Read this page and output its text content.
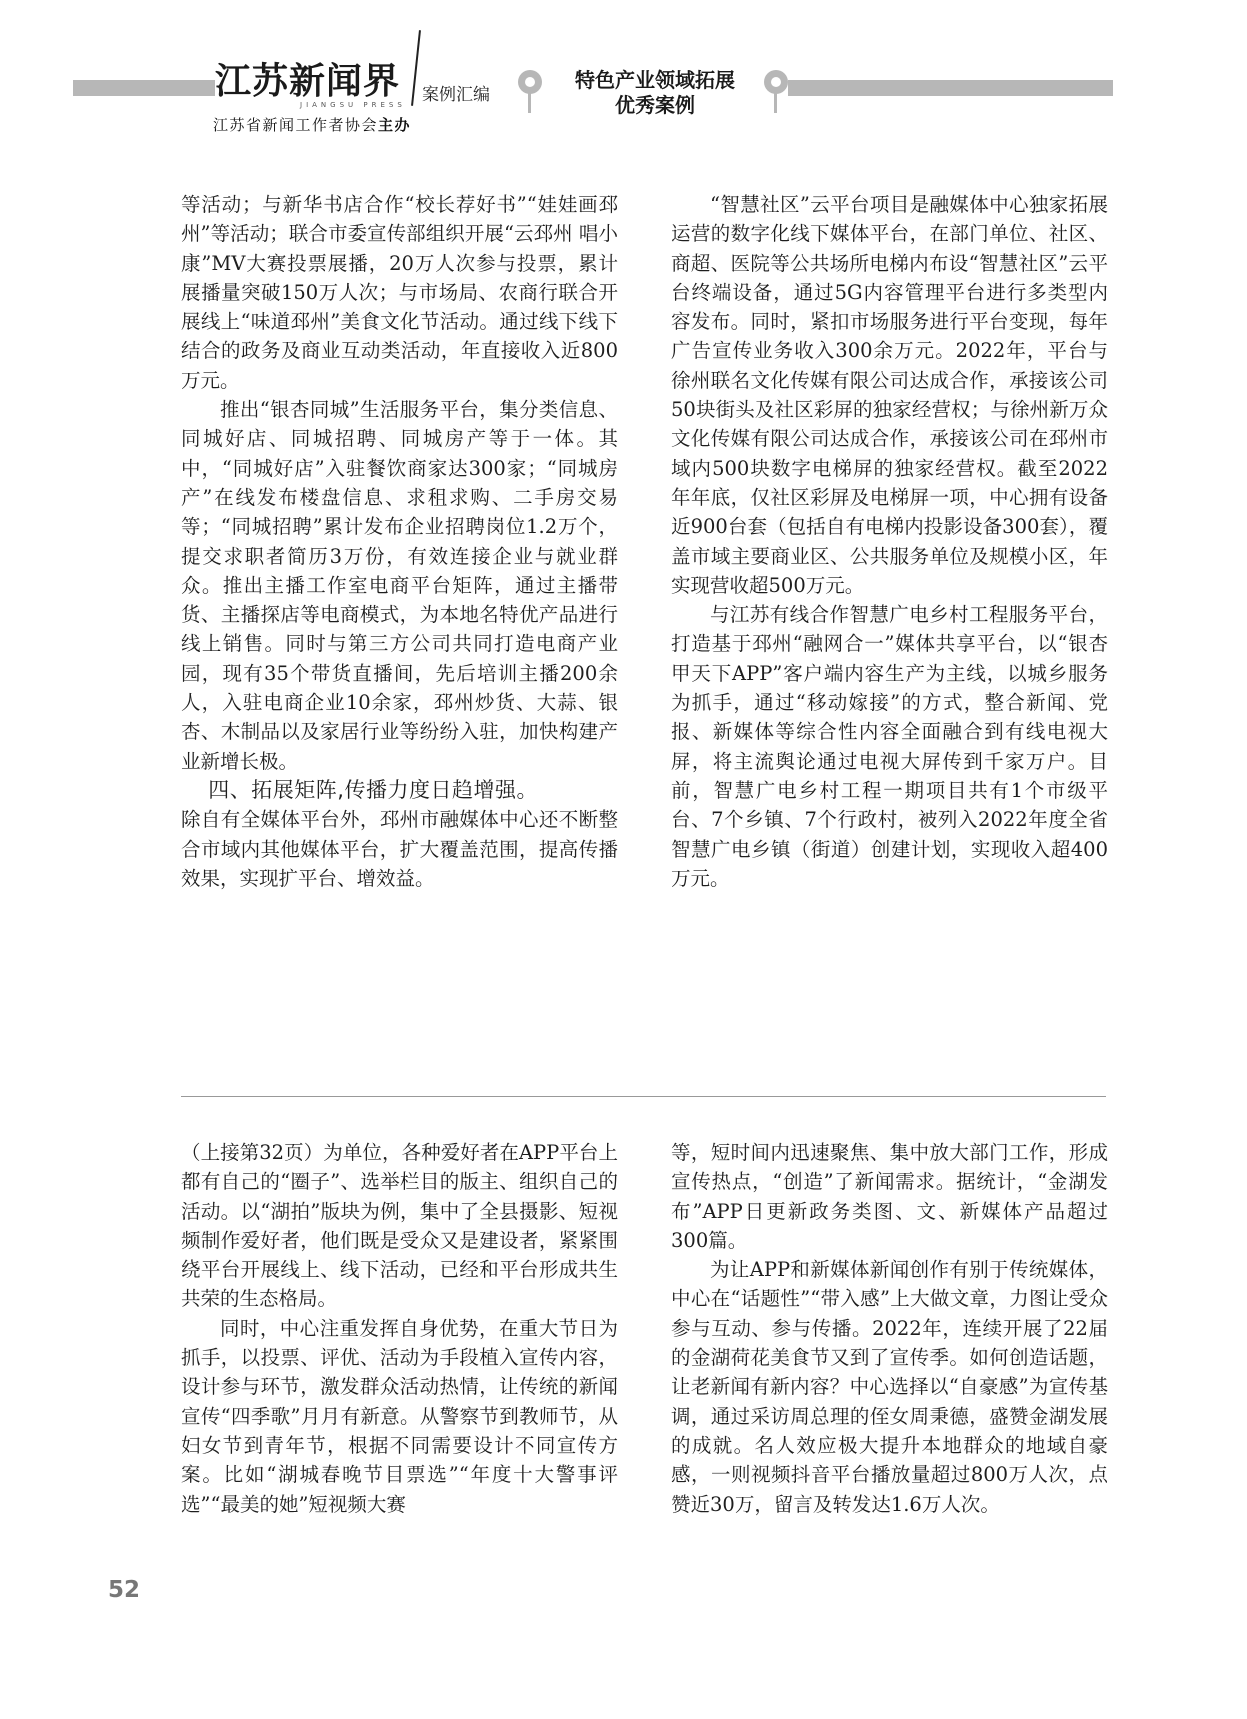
江苏新闻界
JIANGSU PRESS 案例汇编
江苏省新闻工作者协会主办
特色产业领域拓展
优秀案例

等活动；与新华书店合作“校长荐好书”“娃娃画邳州”等活动；联合市委宣传部组织开展“云邳州 唱小康”MV大赛投票展播，20万人次参与投票，累计展播量突破150万人次；与市场局、农商行联合开展线上“味道邳州”美食文化节活动。通过线下线下结合的政务及商业互动类活动，年直接收入近800万元。

推出“银杏同城”生活服务平台，集分类信息、同城好店、同城招聘、同城房产等于一体。其中，“同城好店”入驻餐饮商家达300家；“同城房产”在线发布楼盘信息、求租求购、二手房交易等；“同城招聘”累计发布企业招聘岗位1.2万个，提交求职者简历3万份，有效连接企业与就业群众。推出主播工作室电商平台矩阵，通过主播带货、主播探店等电商模式，为本地名特优产品进行线上销售。同时与第三方公司共同打造电商产业园，现有35个带货直播间，先后培训主播200余人，入驻电商企业10余家，邳州炒货、大蒜、银杏、木制品以及家居行业等纷纷入驻，加快构建产业新增长极。

四、拓展矩阵,传播力度日趋增强。

除自有全媒体平台外，邳州市融媒体中心还不断整合市域内其他媒体平台，扩大覆盖范围，提高传播效果，实现扩平台、增效益。

“智慧社区”云平台项目是融媒体中心独家拓展运营的数字化线下媒体平台，在部门单位、社区、商超、医院等公共场所电梯内布设“智慧社区”云平台终端设备，通过5G内容管理平台进行多类型内容发布。同时，紧扣市场服务进行平台变现，每年广告宣传业务收入300余万元。2022年，平台与徐州联名文化传媒有限公司达成合作，承接该公司50块街头及社区彩屏的独家经营权；与徐州新万众文化传媒有限公司达成合作，承接该公司在邳州市域内500块数字电梯屏的独家经营权。截至2022年年底，仅社区彩屏及电梯屏一项，中心拥有设备近900台套（包括自有电梯内投影设备300套），覆盖市域主要商业区、公共服务单位及规模小区，年实现营收超500万元。

与江苏有线合作智慧广电乡村工程服务平台，打造基于邳州“融网合一”媒体共享平台，以“银杏甲天下APP”客户端内容生产为主线，以城乡服务为抓手，通过“移动嫁接”的方式，整合新闻、党报、新媒体等综合性内容全面融合到有线电视大屏，将主流舆论通过电视大屏传到千家万户。目前，智慧广电乡村工程一期项目共有1个市级平台、7个乡镇、7个行政村，被列入2022年度全省智慧广电乡镇（街道）创建计划，实现收入超400万元。

（上接第32页）为单位，各种爱好者在APP平台上都有自己的“圈子”、选举栏目的版主、组织自己的活动。以“湖拍”版块为例，集中了全县摄影、短视频制作爱好者，他们既是受众又是建设者，紧紧围绕平台开展线上、线下活动，已经和平台形成共生共荣的生态格局。

同时，中心注重发挥自身优势，在重大节日为抓手，以投票、评优、活动为手段植入宣传内容，设计参与环节，激发群众活动热情，让传统的新闻宣传“四季歌”月月有新意。从警察节到教师节，从妇女节到青年节，根据不同需要设计不同宣传方案。比如“湖城春晚节目票选”“年度十大警事评选”“最美的她”短视频大赛

等，短时间内迅速聚焦、集中放大部门工作，形成宣传热点，“创造”了新闻需求。据统计，“金湖发布”APP日更新政务类图、文、新媒体产品超过300篇。

为让APP和新媒体新闻创作有别于传统媒体，中心在“话题性”“带入感”上大做文章，力图让受众参与互动、参与传播。2022年，连续开展了22届的金湖荷花美食节又到了宣传季。如何创造话题，让老新闻有新内容？中心选择以“自豪感”为宣传基调，通过采访周总理的侄女周秉德，盛赞金湖发展的成就。名人效应极大提升本地群众的地域自豪感，一则视频抖音平台播放量超过800万人次，点赞近30万，留言及转发达1.6万人次。

52
